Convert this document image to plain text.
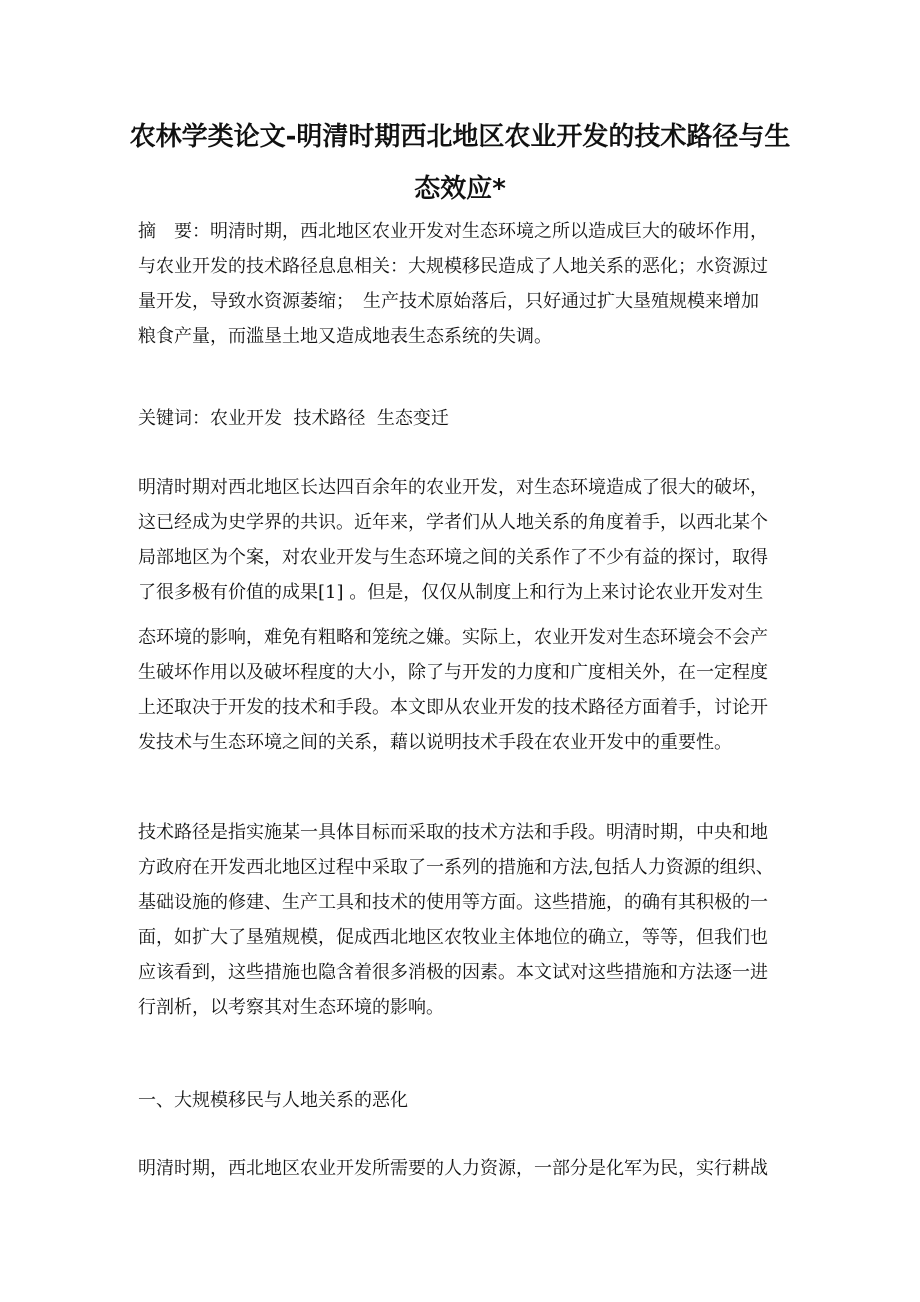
农林学类论文-明清时期西北地区农业开发的技术路径与生
态效应*
摘　要：明清时期，西北地区农业开发对生态环境之所以造成巨大的破坏作用，
与农业开发的技术路径息息相关：大规模移民造成了人地关系的恶化；水资源过
量开发，导致水资源萎缩；　生产技术原始落后，只好通过扩大垦殖规模来增加
粮食产量，而滥垦土地又造成地表生态系统的失调。
关键词：农业开发  技术路径  生态变迁
明清时期对西北地区长达四百余年的农业开发，对生态环境造成了很大的破坏，
这已经成为史学界的共识。近年来，学者们从人地关系的角度着手，以西北某个
局部地区为个案，对农业开发与生态环境之间的关系作了不少有益的探讨，取得
了很多极有价值的成果[1] 。但是，仅仅从制度上和行为上来讨论农业开发对生
态环境的影响，难免有粗略和笼统之嫌。实际上，农业开发对生态环境会不会产
生破坏作用以及破坏程度的大小，除了与开发的力度和广度相关外，在一定程度
上还取决于开发的技术和手段。本文即从农业开发的技术路径方面着手，讨论开
发技术与生态环境之间的关系，藉以说明技术手段在农业开发中的重要性。
技术路径是指实施某一具体目标而采取的技术方法和手段。明清时期，中央和地
方政府在开发西北地区过程中采取了一系列的措施和方法,包括人力资源的组织、
基础设施的修建、生产工具和技术的使用等方面。这些措施，的确有其积极的一
面，如扩大了垦殖规模，促成西北地区农牧业主体地位的确立，等等，但我们也
应该看到，这些措施也隐含着很多消极的因素。本文试对这些措施和方法逐一进
行剖析，以考察其对生态环境的影响。
一、大规模移民与人地关系的恶化
明清时期，西北地区农业开发所需要的人力资源，一部分是化军为民，实行耕战
